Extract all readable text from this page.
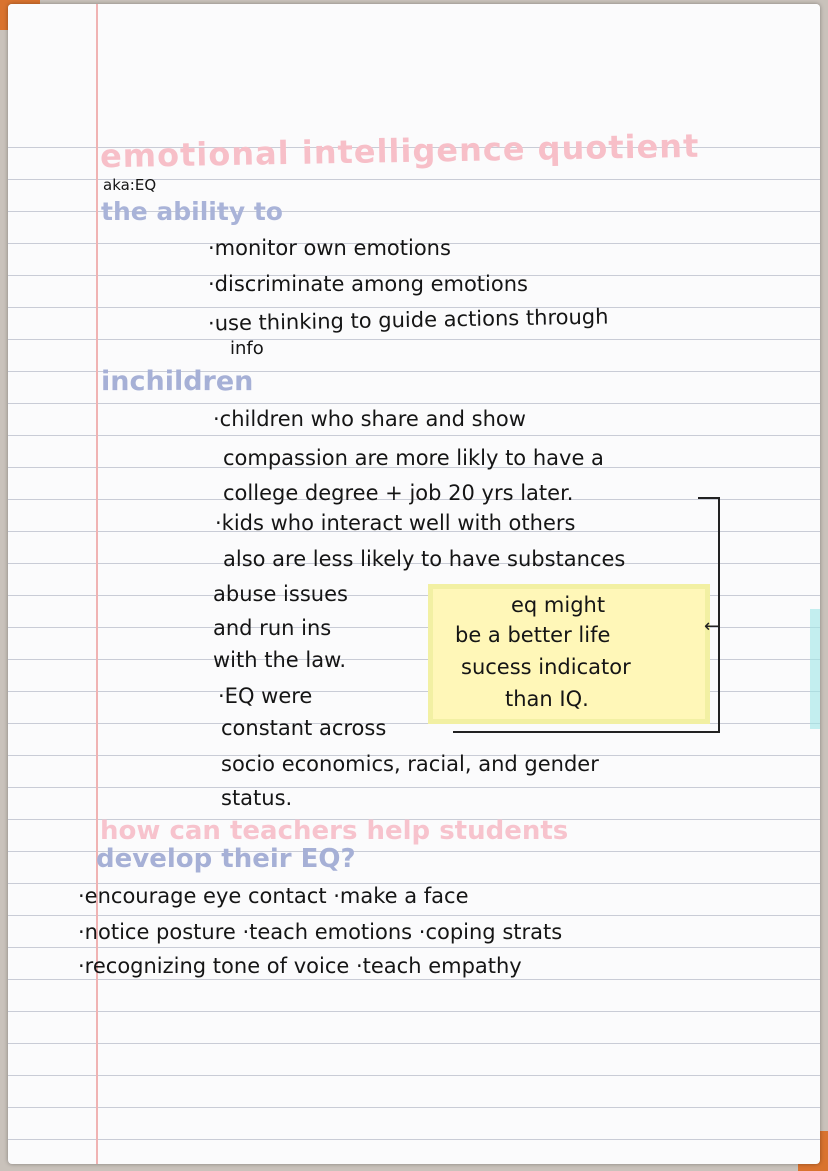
emotional intelligence quotient
aka:EQ
the ability to
·monitor own emotions
·discriminate among emotions
·use thinking to guide actions through
info
inchildren
·children who share and show
compassion are more likly to have a
college degree + job 20 yrs later.
·kids who interact well with others
also are less likely to have substances
eq might
be a better life
sucess indicator
than IQ.
abuse issues
and run ins
with the law.
·EQ were
constant across
socio economics, racial, and gender
status.
←
how can teachers help students
develop their EQ?
·encourage eye contact ·make a face
·notice posture ·teach emotions ·coping strats
·recognizing tone of voice ·teach empathy
